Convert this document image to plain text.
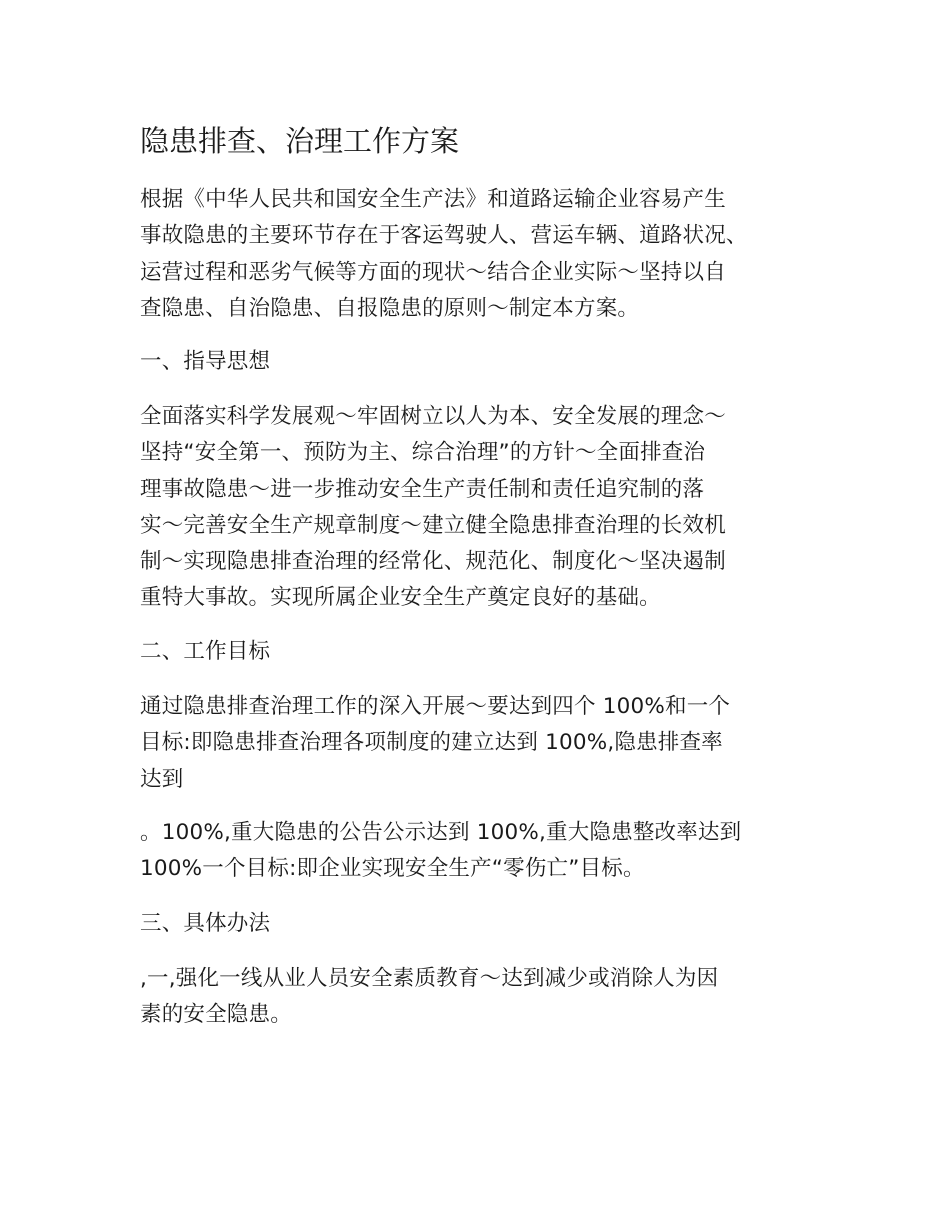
隐患排查、治理工作方案

根据《中华人民共和国安全生产法》和道路运输企业容易产生
事故隐患的主要环节存在于客运驾驶人、营运车辆、道路状况、
运营过程和恶劣气候等方面的现状～结合企业实际～坚持以自
查隐患、自治隐患、自报隐患的原则～制定本方案。

一、指导思想

全面落实科学发展观～牢固树立以人为本、安全发展的理念～
坚持“安全第一、预防为主、综合治理”的方针～全面排查治
理事故隐患～进一步推动安全生产责任制和责任追究制的落
实～完善安全生产规章制度～建立健全隐患排查治理的长效机
制～实现隐患排查治理的经常化、规范化、制度化～坚决遏制
重特大事故。实现所属企业安全生产奠定良好的基础。

二、工作目标

通过隐患排查治理工作的深入开展～要达到四个 100%和一个
目标:即隐患排查治理各项制度的建立达到 100%,隐患排查率
达到

。100%,重大隐患的公告公示达到 100%,重大隐患整改率达到
100%一个目标:即企业实现安全生产“零伤亡”目标。

三、具体办法

,一,强化一线从业人员安全素质教育～达到减少或消除人为因
素的安全隐患。
